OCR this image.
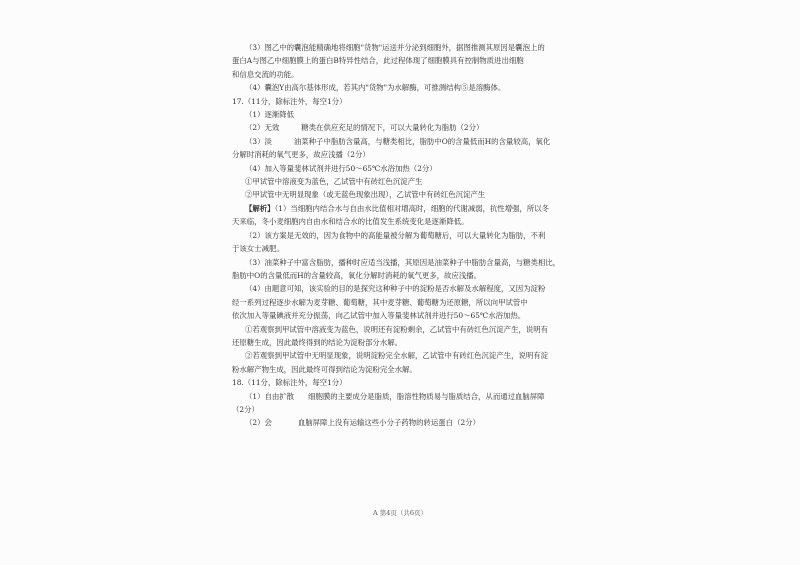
（3）图乙中的囊泡能精确地将细胞"货物"运送并分泌到细胞外，据图推测其原因是囊泡上的

蛋白A与图乙中细胞膜上的蛋白B特异性结合，此过程体现了细胞膜具有控制物质进出细胞

和信息交流的功能。

（4）囊泡Y由高尔基体形成，若其内"货物"为水解酶，可推测结构⑤是溶酶体。

17.（11分，除标注外，每空1分）

（1）逐渐降低

（2）无效	糖类在供应充足的情况下，可以大量转化为脂肪（2分）

（3）淡	油菜种子中脂肪含量高，与糖类相比，脂肪中O的含量低而H的含量较高，氧化

分解时消耗的氧气更多，故应浅播（2分）

（4）加入等量斐林试剂并进行50～65℃水浴加热（2分）

①甲试管中溶液变为蓝色，乙试管中有砖红色沉淀产生

②甲试管中无明显现象（或无蓝色现象出现），乙试管中有砖红色沉淀产生

【解析】（1）当细胞内结合水与自由水比值相对增高时，细胞的代谢减弱，抗性增强，所以冬

天来临，冬小麦细胞内自由水和结合水的比值发生系统变化是逐渐降低。

（2）该方案是无效的，因为食物中的高能量被分解为葡萄糖后，可以大量转化为脂肪，不利

于该女士减肥。

（3）油菜种子中富含脂肪，播种时应适当浅播，其原因是油菜种子中脂肪含量高，与糖类相比，

脂肪中O的含量低而H的含量较高，氧化分解时消耗的氧气更多，故应浅播。

（4）由题意可知，该实验的目的是探究这种种子中的淀粉是否水解及水解程度，又因为淀粉

经一系列过程逐步水解为麦芽糖、葡萄糖，其中麦芽糖、葡萄糖为还原糖，所以向甲试管中

依次加入等量碘液并充分振荡，向乙试管中加入等量斐林试剂并进行50～65℃水浴加热。

①若观察到甲试管中溶液变为蓝色，说明还有淀粉剩余，乙试管中有砖红色沉淀产生，说明有

还原糖生成，因此最终得到的结论为淀粉部分水解。

②若观察到甲试管中无明显现象，说明淀粉完全水解，乙试管中有砖红色沉淀产生，说明有淀

粉水解产物生成，因此最终可得到结论为淀粉完全水解。

18.（11分，除标注外，每空1分）

（1）自由扩散 细胞膜的主要成分是脂质，脂溶性物质易与脂质结合，从而通过血脑屏障

（2分）

（2）会	血脑屏障上没有运输这些小分子药物的转运蛋白（2分）

A 第4页（共6页）
